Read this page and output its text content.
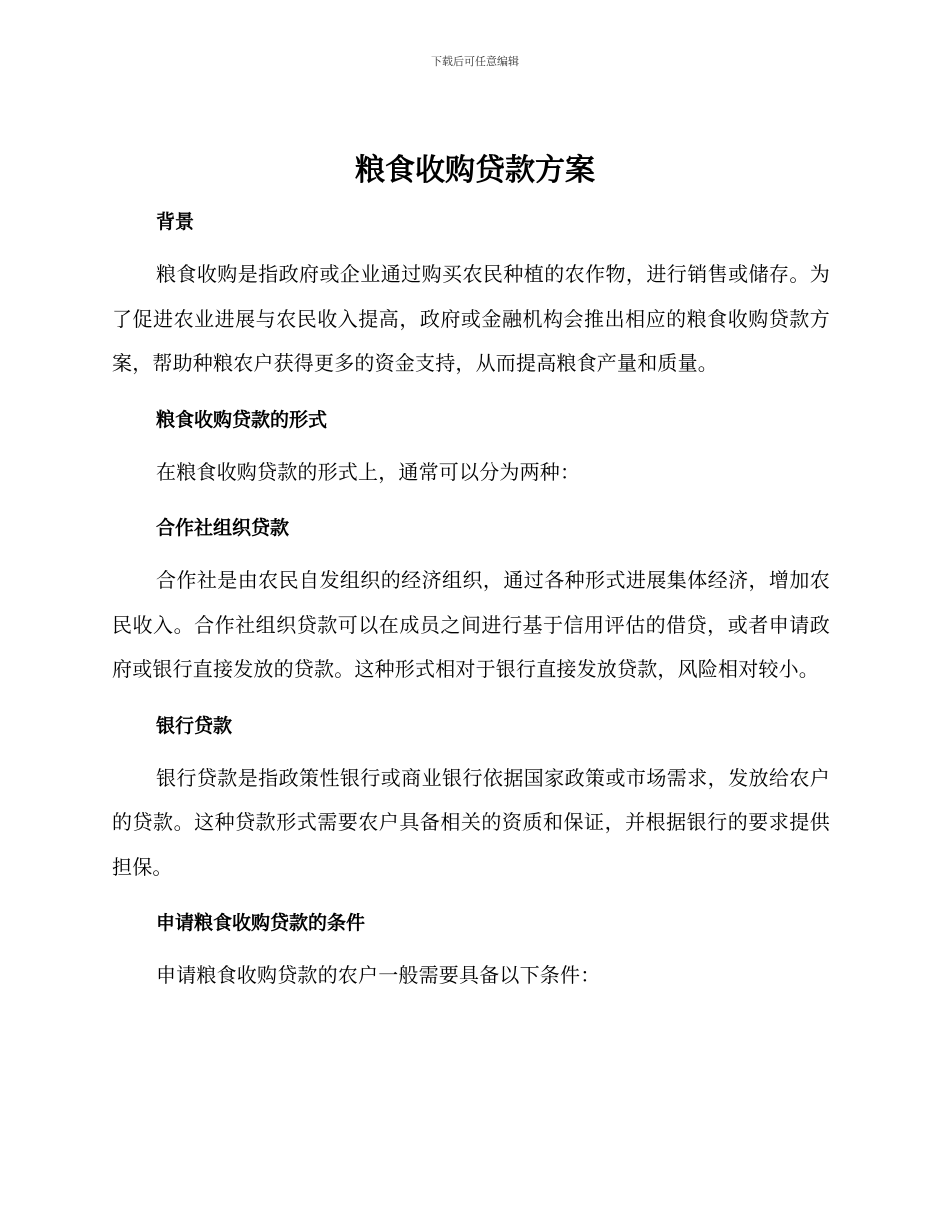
下载后可任意编辑
粮食收购贷款方案

背景

粮食收购是指政府或企业通过购买农民种植的农作物，进行销售或储存。为了促进农业进展与农民收入提高，政府或金融机构会推出相应的粮食收购贷款方案，帮助种粮农户获得更多的资金支持，从而提高粮食产量和质量。

粮食收购贷款的形式

在粮食收购贷款的形式上，通常可以分为两种：

合作社组织贷款

合作社是由农民自发组织的经济组织，通过各种形式进展集体经济，增加农民收入。合作社组织贷款可以在成员之间进行基于信用评估的借贷，或者申请政府或银行直接发放的贷款。这种形式相对于银行直接发放贷款，风险相对较小。

银行贷款

银行贷款是指政策性银行或商业银行依据国家政策或市场需求，发放给农户的贷款。这种贷款形式需要农户具备相关的资质和保证，并根据银行的要求提供担保。

申请粮食收购贷款的条件

申请粮食收购贷款的农户一般需要具备以下条件：
